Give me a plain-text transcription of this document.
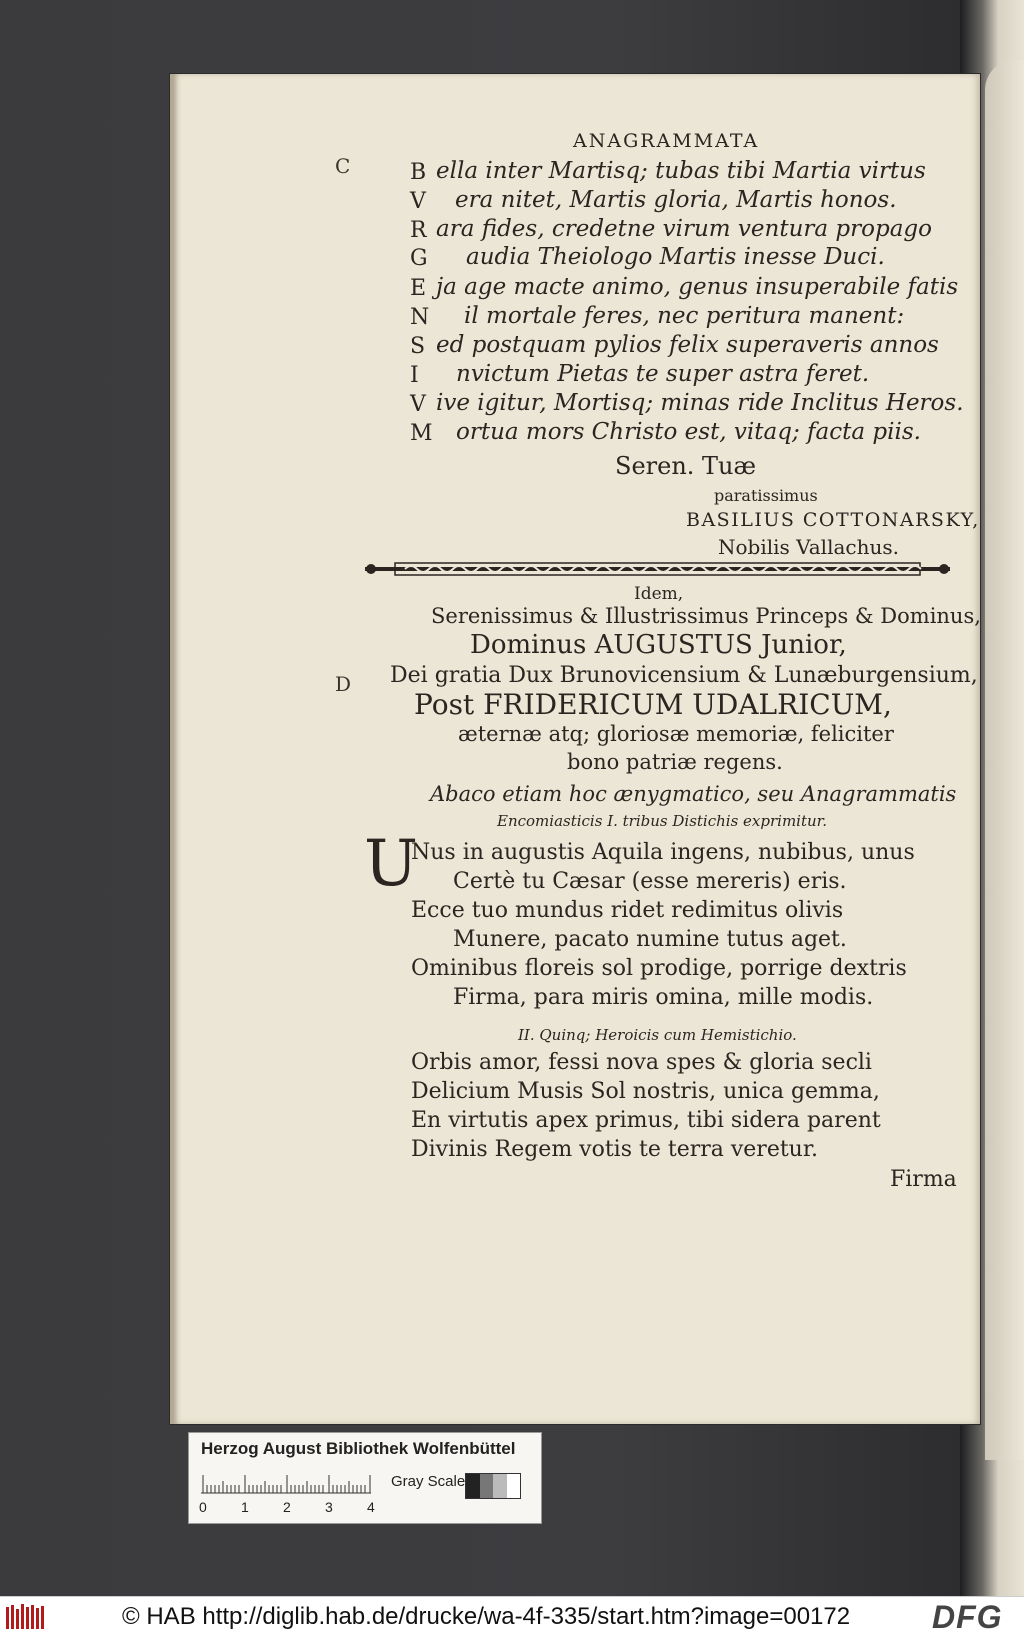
ANAGRAMMATA
C
D
B ella inter Martisq; tubas tibi Martia virtus
V era nitet, Martis gloria, Martis honos.
R ara fides, credetne virum ventura propago
G audia Theiologo Martis inesse Duci.
E ja age macte animo, genus insuperabile fatis
N il mortale feres, nec peritura manent:
S ed postquam pylios felix superaveris annos
I nvictum Pietas te super astra feret.
V ive igitur, Mortisq; minas ride Inclitus Heros.
M ortua mors Christo est, vitaq; facta piis.
Seren. Tuæ
paratissimus
BASILIUS COTTONARSKY,
Nobilis Vallachus.
Idem,
Serenissimus & Illustrissimus Princeps & Dominus,
Dominus AUGUSTUS Junior,
Dei gratia Dux Brunovicensium & Lunæburgensium,
Post FRIDERICUM UDALRICUM,
æternæ atq; gloriosæ memoriæ, feliciter
bono patriæ regens.
Abaco etiam hoc ænygmatico, seu Anagrammatis
Encomiasticis I. tribus Distichis exprimitur.
U
Nus in augustis Aquila ingens, nubibus, unus
Certè tu Cæsar (esse mereris) eris.
Ecce tuo mundus ridet redimitus olivis
Munere, pacato numine tutus aget.
Ominibus floreis sol prodige, porrige dextris
Firma, para miris omina, mille modis.
II. Quinq; Heroicis cum Hemistichio.
Orbis amor, fessi nova spes & gloria secli
Delicium Musis Sol nostris, unica gemma,
En virtutis apex primus, tibi sidera parent
Divinis Regem votis te terra veretur.
Firma
Herzog August Bibliothek Wolfenbüttel
0 1 2 3 4
Gray Scale
© HAB http://diglib.hab.de/drucke/wa-4f-335/start.htm?image=00172	DFG
